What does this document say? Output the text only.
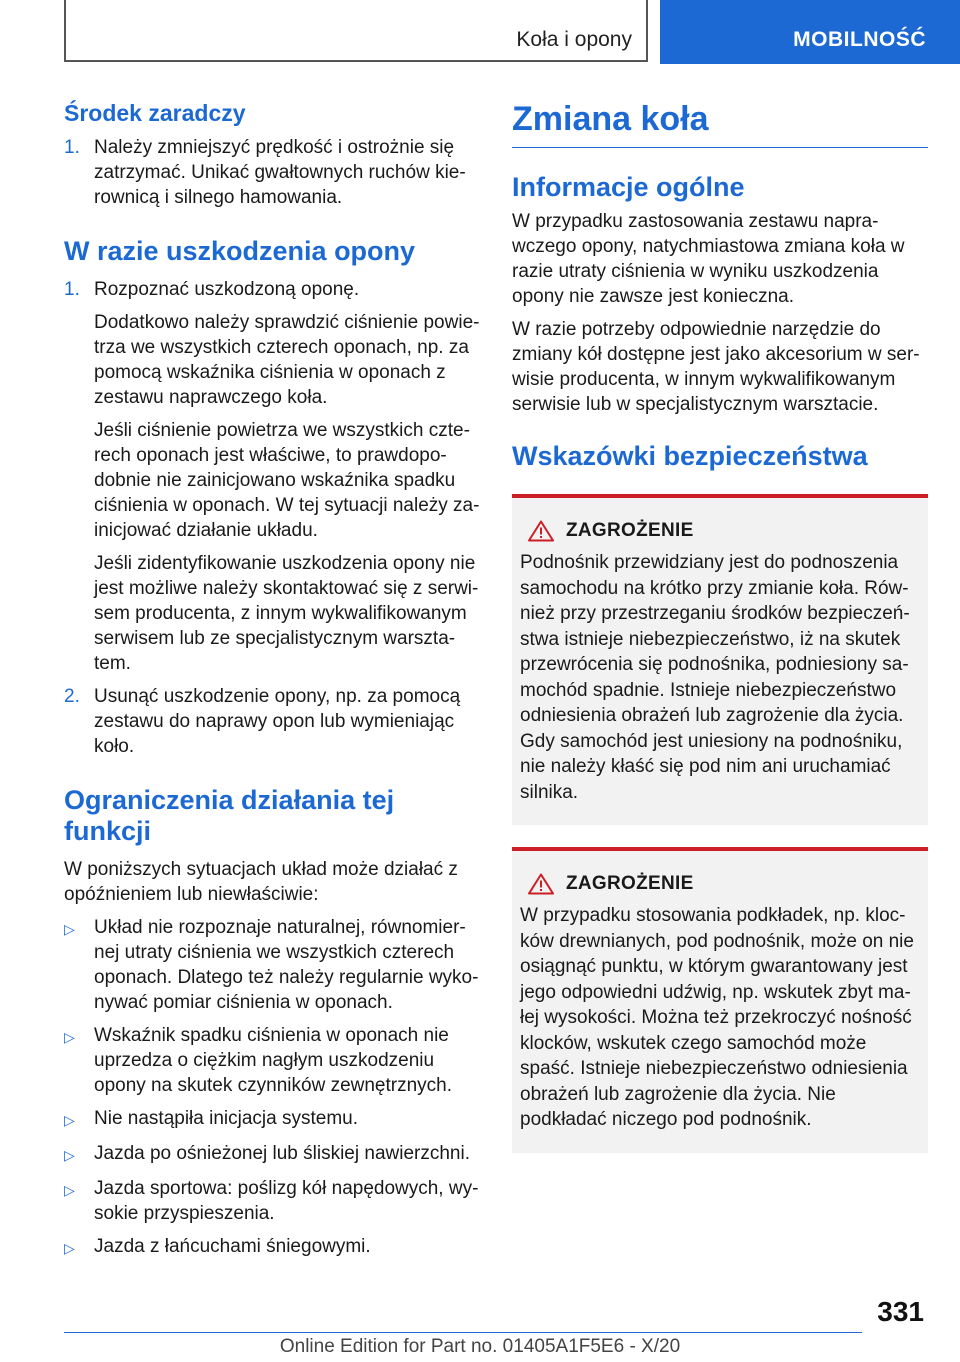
Koła i opony	MOBILNOŚĆ
Środek zaradczy
1. Należy zmniejszyć prędkość i ostrożnie się zatrzymać. Unikać gwałtownych ruchów kierownicą i silnego hamowania.

W razie uszkodzenia opony
1. Rozpoznać uszkodzoną oponę.

Dodatkowo należy sprawdzić ciśnienie powietrza we wszystkich czterech oponach, np. za pomocą wskaźnika ciśnienia w oponach z zestawu naprawczego koła.

Jeśli ciśnienie powietrza we wszystkich czterech oponach jest właściwe, to prawdopodobnie nie zainicjowano wskaźnika spadku ciśnienia w oponach. W tej sytuacji należy zainicjować działanie układu.

Jeśli zidentyfikowanie uszkodzenia opony nie jest możliwe należy skontaktować się z serwisem producenta, z innym wykwalifikowanym serwisem lub ze specjalistycznym warsztatem.

2. Usunąć uszkodzenie opony, np. za pomocą zestawu do naprawy opon lub wymieniając koło.

Ograniczenia działania tej funkcji

W poniższych sytuacjach układ może działać z opóźnieniem lub niewłaściwie:

▷	Układ nie rozpoznaje naturalnej, równomiernej utraty ciśnienia we wszystkich czterech oponach. Dlatego też należy regularnie wykonywać pomiar ciśnienia w oponach.
▷	Wskaźnik spadku ciśnienia w oponach nie uprzedza o ciężkim nagłym uszkodzeniu opony na skutek czynników zewnętrznych.
▷	Nie nastąpiła inicjacja systemu.
▷	Jazda po ośnieżonej lub śliskiej nawierzchni.
▷	Jazda sportowa: poślizg kół napędowych, wysokie przyspieszenia.
▷	Jazda z łańcuchami śniegowymi.
Zmiana koła
Informacje ogólne

W przypadku zastosowania zestawu naprawczego opony, natychmiastowa zmiana koła w razie utraty ciśnienia w wyniku uszkodzenia opony nie zawsze jest konieczna.

W razie potrzeby odpowiednie narzędzie do zmiany kół dostępne jest jako akcesorium w serwisie producenta, w innym wykwalifikowanym serwisie lub w specjalistycznym warsztacie.

Wskazówki bezpieczeństwa
ZAGROŻENIE

Podnośnik przewidziany jest do podnoszenia samochodu na krótko przy zmianie koła. Również przy przestrzeganiu środków bezpieczeństwa istnieje niebezpieczeństwo, iż na skutek przewrócenia się podnośnika, podniesiony samochód spadnie. Istnieje niebezpieczeństwo odniesienia obrażeń lub zagrożenie dla życia. Gdy samochód jest uniesiony na podnośniku, nie należy kłaść się pod nim ani uruchamiać silnika.

ZAGROŻENIE

W przypadku stosowania podkładek, np. klocków drewnianych, pod podnośnik, może on nie osiągnąć punktu, w którym gwarantowany jest jego odpowiedni udźwig, np. wskutek zbyt małej wysokości. Można też przekroczyć nośność klocków, wskutek czego samochód może spaść. Istnieje niebezpieczeństwo odniesienia obrażeń lub zagrożenie dla życia. Nie podkładać niczego pod podnośnik.

331
Online Edition for Part no. 01405A1F5E6 - X/20
